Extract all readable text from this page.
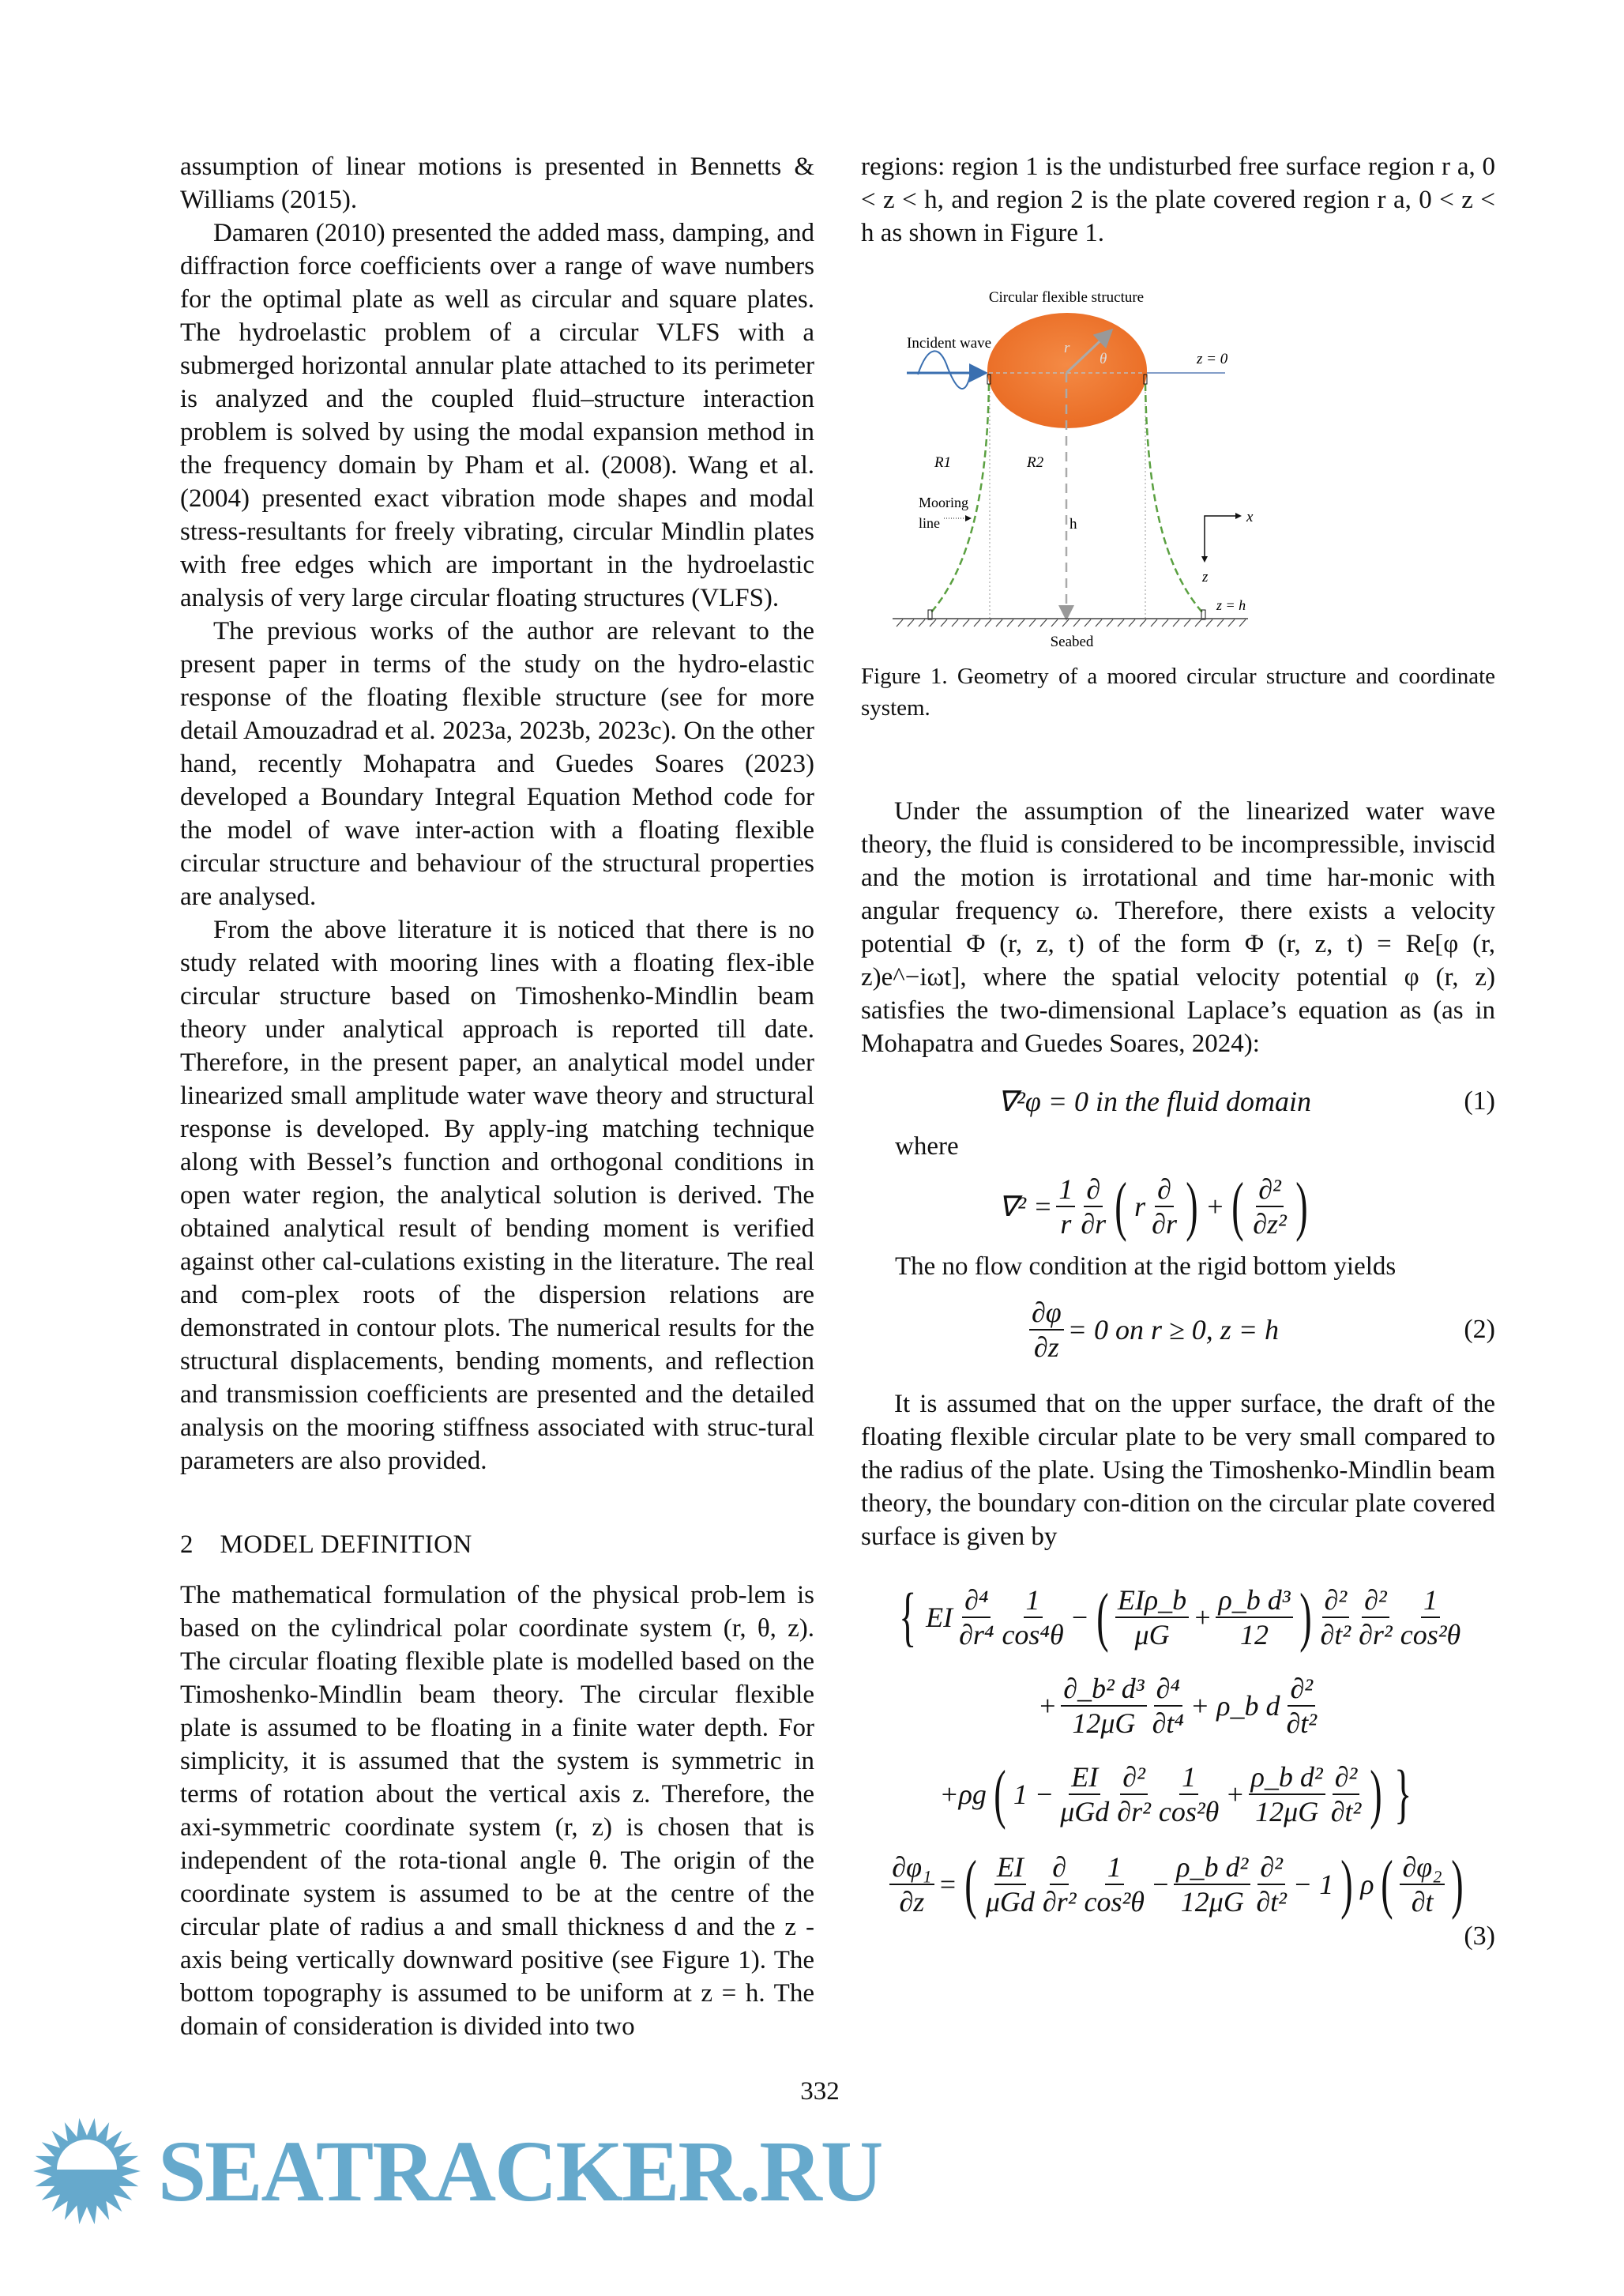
assumption of linear motions is presented in Bennetts & Williams (2015).

Damaren (2010) presented the added mass, damping, and diffraction force coefficients over a range of wave numbers for the optimal plate as well as circular and square plates. The hydroelastic problem of a circular VLFS with a submerged horizontal annular plate attached to its perimeter is analyzed and the coupled fluid–structure interaction problem is solved by using the modal expansion method in the frequency domain by Pham et al. (2008). Wang et al. (2004) presented exact vibration mode shapes and modal stress-resultants for freely vibrating, circular Mindlin plates with free edges which are important in the hydroelastic analysis of very large circular floating structures (VLFS).

The previous works of the author are relevant to the present paper in terms of the study on the hydro-elastic response of the floating flexible structure (see for more detail Amouzadrad et al. 2023a, 2023b, 2023c). On the other hand, recently Mohapatra and Guedes Soares (2023) developed a Boundary Integral Equation Method code for the model of wave inter-action with a floating flexible circular structure and behaviour of the structural properties are analysed.

From the above literature it is noticed that there is no study related with mooring lines with a floating flex-ible circular structure based on Timoshenko-Mindlin beam theory under analytical approach is reported till date. Therefore, in the present paper, an analytical model under linearized small amplitude water wave theory and structural response is developed. By apply-ing matching technique along with Bessel’s function and orthogonal conditions in open water region, the analytical solution is derived. The obtained analytical result of bending moment is verified against other cal-culations existing in the literature. The real and com-plex roots of the dispersion relations are demonstrated in contour plots. The numerical results for the structural displacements, bending moments, and reflection and transmission coefficients are presented and the detailed analysis on the mooring stiffness associated with struc-tural parameters are also provided.

2 MODEL DEFINITION

The mathematical formulation of the physical prob-lem is based on the cylindrical polar coordinate system (r, θ, z). The circular floating flexible plate is modelled based on the Timoshenko-Mindlin beam theory. The circular flexible plate is assumed to be floating in a finite water depth. For simplicity, it is assumed that the system is symmetric in terms of rotation about the vertical axis z. Therefore, the axi-symmetric coordinate system (r, z) is chosen that is independent of the rota-tional angle θ. The origin of the coordinate system is assumed to be at the centre of the circular plate of radius a and small thickness d and the z - axis being vertically downward positive (see Figure 1). The bottom topography is assumed to be uniform at z = h. The domain of consideration is divided into two

regions: region 1 is the undisturbed free surface region r a, 0 < z < h, and region 2 is the plate covered region r a, 0 < z < h as shown in Figure 1.

Circular flexible structure
Incident wave
z = 0
r
θ
h
R1	R2
Mooring
line	x
z
z = h
Seabed

Figure 1. Geometry of a moored circular structure and coordinate system.

Under the assumption of the linearized water wave theory, the fluid is considered to be incompressible, inviscid and the motion is irrotational and time har-monic with angular frequency ω. Therefore, there exists a velocity potential Φ (r, z, t) of the form Φ (r, z, t) = Re[φ (r, z)e^−iωt], where the spatial velocity potential φ (r, z) satisfies the two-dimensional Laplace’s equation as (as in Mohapatra and Guedes Soares, 2024):

∇²φ = 0 in the fluid domain	(1)

where

$\nabla^2 = \frac{1}{r} \frac{\partial}{\partial r}$ ( r $\frac{\partial}{\partial r}$ ) + ( $\frac{\text{∂²}}{\text{∂z²}}$ )

The no flow condition at the rigid bottom yields

$\frac{\partial\varphi}{\partial z} = 0$ on r ≥ 0, z = h	(2)

It is assumed that on the upper surface, the draft of the floating flexible circular plate to be very small compared to the radius of the plate. Using the Timoshenko-Mindlin beam theory, the boundary con-dition on the circular plate covered surface is given by

{ EI $\frac{\text{∂⁴}}{\text{∂r⁴}} \frac{1}{\text{cos⁴θ}}$ − ( $\frac{\text{EIρ\_b}}{\mu G} + \frac{\text{ρ\_b d³}}{12}$ ) $\frac{\text{∂²}}{\text{∂t²}} \frac{\text{∂²}}{\text{∂r²}} \frac{1}{\text{cos²θ}}$
+ $\frac{\text{∂\_b² d³}}{12\mu G} \frac{\text{∂⁴}}{\text{∂t⁴}}$ + ρ_b d $\frac{\text{∂²}}{\text{∂t²}}$
+ρg ( $1 - \frac{EI}{\text{μGd}} \frac{\text{∂²}}{\text{∂r²}} \frac{1}{\text{cos²θ}} + \frac{\text{ρ\_b d²}}{12\mu G} \frac{\text{∂²}}{\text{∂t²}}$ ) }
$\frac{\text{∂φ₁}}{\partial z}$ = ( $\frac{EI}{\text{μGd}} \frac{\partial}{\text{∂r²}} \frac{1}{\text{cos²θ}} - \frac{\text{ρ\_b d²}}{12\mu G} \frac{\text{∂²}}{\text{∂t²}} - 1$ ) ρ ( $\frac{\text{∂φ₂}}{\partial t}$ )
(3)
332
SEATRACKER.RU
